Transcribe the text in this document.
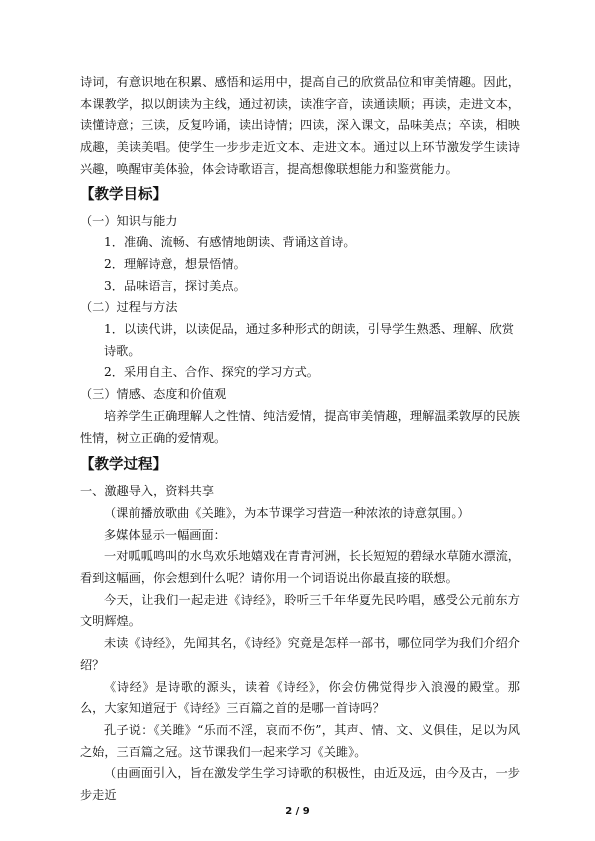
诗词，有意识地在积累、感悟和运用中，提高自己的欣赏品位和审美情趣。因此，本课教学，拟以朗读为主线，通过初读，读准字音，读通读顺；再读，走进文本，读懂诗意；三读，反复吟诵，读出诗情；四读，深入课文，品味美点；卒读，相映成趣，美读美唱。使学生一步步走近文本、走进文本。通过以上环节激发学生读诗兴趣，唤醒审美体验，体会诗歌语言，提高想像联想能力和鉴赏能力。

【教学目标】

（一）知识与能力

1．准确、流畅、有感情地朗读、背诵这首诗。

2．理解诗意，想景悟情。

3．品味语言，探讨美点。

（二）过程与方法

1．以读代讲，以读促品，通过多种形式的朗读，引导学生熟悉、理解、欣赏诗歌。

2．采用自主、合作、探究的学习方式。

（三）情感、态度和价值观

培养学生正确理解人之性情、纯洁爱情，提高审美情趣，理解温柔敦厚的民族性情，树立正确的爱情观。

【教学过程】

一、激趣导入，资料共享

（课前播放歌曲《关雎》，为本节课学习营造一种浓浓的诗意氛围。）

多媒体显示一幅画面：

一对呱呱鸣叫的水鸟欢乐地嬉戏在青青河洲，长长短短的碧绿水草随水漂流，看到这幅画，你会想到什么呢？请你用一个词语说出你最直接的联想。

今天，让我们一起走进《诗经》，聆听三千年华夏先民吟唱，感受公元前东方文明辉煌。

未读《诗经》，先闻其名，《诗经》究竟是怎样一部书，哪位同学为我们介绍介绍？

《诗经》是诗歌的源头，读着《诗经》，你会仿佛觉得步入浪漫的殿堂。那么，大家知道冠于《诗经》三百篇之首的是哪一首诗吗？

孔子说：《关雎》“乐而不淫，哀而不伤”，其声、情、文、义俱佳，足以为风之始，三百篇之冠。这节课我们一起来学习《关雎》。

（由画面引入，旨在激发学生学习诗歌的积极性，由近及远，由今及古，一步步走近

2 / 9
